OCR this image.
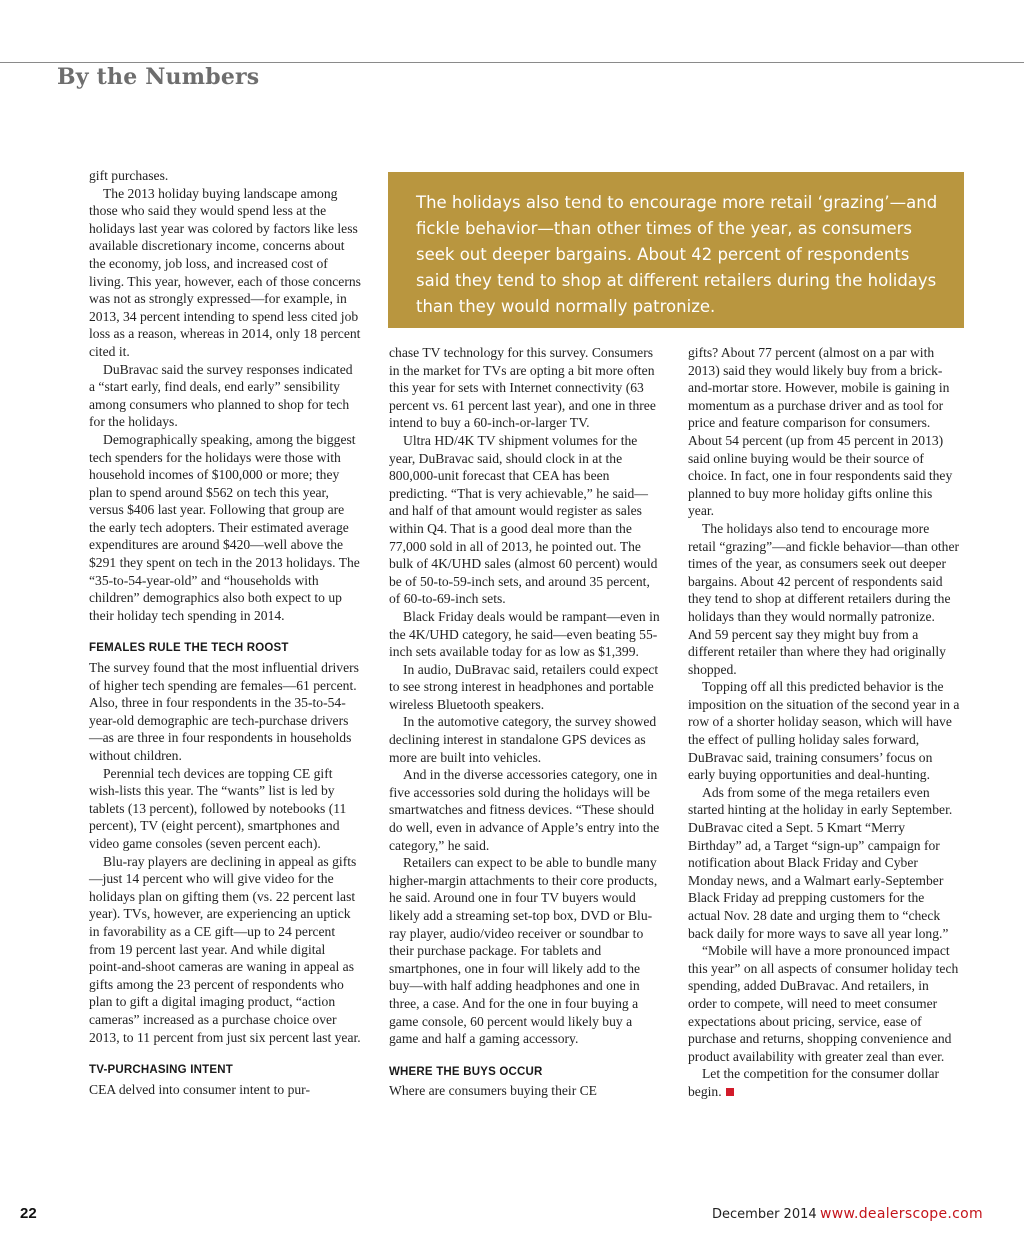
By the Numbers
The holidays also tend to encourage more retail ‘grazing’—and fickle behavior—than other times of the year, as consumers seek out deeper bargains. About 42 percent of respondents said they tend to shop at different retailers during the holidays than they would normally patronize.

gift purchases.

The 2013 holiday buying landscape among those who said they would spend less at the holidays last year was colored by factors like less available discretionary income, concerns about the economy, job loss, and increased cost of living. This year, however, each of those concerns was not as strongly expressed—for example, in 2013, 34 percent intending to spend less cited job loss as a reason, whereas in 2014, only 18 percent cited it.

DuBravac said the survey responses indicated a “start early, find deals, end early” sensibility among consumers who planned to shop for tech for the holidays.

Demographically speaking, among the biggest tech spenders for the holidays were those with household incomes of $100,000 or more; they plan to spend around $562 on tech this year, versus $406 last year. Following that group are the early tech adopters. Their estimated average expenditures are around $420—well above the $291 they spent on tech in the 2013 holidays. The “35-to-54-year-old” and “households with children” demographics also both expect to up their holiday tech spending in 2014.

FEMALES RULE THE TECH ROOST

The survey found that the most influential drivers of higher tech spending are females—61 percent. Also, three in four respondents in the 35-to-54-year-old demographic are tech-purchase drivers—as are three in four respondents in households without children.

Perennial tech devices are topping CE gift wish-lists this year. The “wants” list is led by tablets (13 percent), followed by notebooks (11 percent), TV (eight percent), smartphones and video game consoles (seven percent each).

Blu-ray players are declining in appeal as gifts—just 14 percent who will give video for the holidays plan on gifting them (vs. 22 percent last year). TVs, however, are experiencing an uptick in favorability as a CE gift—up to 24 percent from 19 percent last year. And while digital point-and-shoot cameras are waning in appeal as gifts among the 23 percent of respondents who plan to gift a digital imaging product, “action cameras” increased as a purchase choice over 2013, to 11 percent from just six percent last year.

TV-PURCHASING INTENT

CEA delved into consumer intent to pur-

chase TV technology for this survey. Consumers in the market for TVs are opting a bit more often this year for sets with Internet connectivity (63 percent vs. 61 percent last year), and one in three intend to buy a 60-inch-or-larger TV.

Ultra HD/4K TV shipment volumes for the year, DuBravac said, should clock in at the 800,000-unit forecast that CEA has been predicting. “That is very achievable,” he said—and half of that amount would register as sales within Q4. That is a good deal more than the 77,000 sold in all of 2013, he pointed out. The bulk of 4K/UHD sales (almost 60 percent) would be of 50-to-59-inch sets, and around 35 percent, of 60-to-69-inch sets.

Black Friday deals would be rampant—even in the 4K/UHD category, he said—even beating 55-inch sets available today for as low as $1,399.

In audio, DuBravac said, retailers could expect to see strong interest in headphones and portable wireless Bluetooth speakers.

In the automotive category, the survey showed declining interest in standalone GPS devices as more are built into vehicles.

And in the diverse accessories category, one in five accessories sold during the holidays will be smartwatches and fitness devices. “These should do well, even in advance of Apple’s entry into the category,” he said.

Retailers can expect to be able to bundle many higher-margin attachments to their core products, he said. Around one in four TV buyers would likely add a streaming set-top box, DVD or Blu-ray player, audio/video receiver or soundbar to their purchase package. For tablets and smartphones, one in four will likely add to the buy—with half adding headphones and one in three, a case. And for the one in four buying a game console, 60 percent would likely buy a game and half a gaming accessory.

WHERE THE BUYS OCCUR

Where are consumers buying their CE

gifts? About 77 percent (almost on a par with 2013) said they would likely buy from a brick-and-mortar store. However, mobile is gaining in momentum as a purchase driver and as tool for price and feature comparison for consumers. About 54 percent (up from 45 percent in 2013) said online buying would be their source of choice. In fact, one in four respondents said they planned to buy more holiday gifts online this year.

The holidays also tend to encourage more retail “grazing”—and fickle behavior—than other times of the year, as consumers seek out deeper bargains. About 42 percent of respondents said they tend to shop at different retailers during the holidays than they would normally patronize. And 59 percent say they might buy from a different retailer than where they had originally shopped.

Topping off all this predicted behavior is the imposition on the situation of the second year in a row of a shorter holiday season, which will have the effect of pulling holiday sales forward, DuBravac said, training consumers’ focus on early buying opportunities and deal-hunting.

Ads from some of the mega retailers even started hinting at the holiday in early September. DuBravac cited a Sept. 5 Kmart “Merry Birthday” ad, a Target “sign-up” campaign for notification about Black Friday and Cyber Monday news, and a Walmart early-September Black Friday ad prepping customers for the actual Nov. 28 date and urging them to “check back daily for more ways to save all year long.”

“Mobile will have a more pronounced impact this year” on all aspects of consumer holiday tech spending, added DuBravac. And retailers, in order to compete, will need to meet consumer expectations about pricing, service, ease of purchase and returns, shopping convenience and product availability with greater zeal than ever.

Let the competition for the consumer dollar begin.

22	December 2014 www.dealerscope.com
